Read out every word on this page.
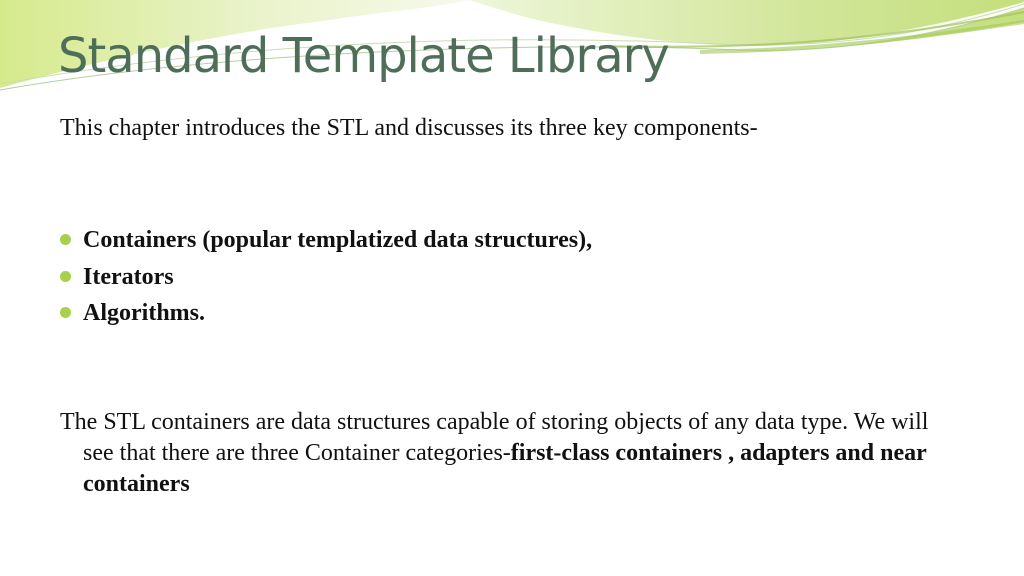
Standard Template Library

This chapter introduces the STL and discusses its three key components-

Containers (popular templatized data structures),
Iterators
Algorithms.

The STL containers are data structures capable of storing objects of any data type. We will see that there are three Container categories-first-class containers , adapters and near containers
